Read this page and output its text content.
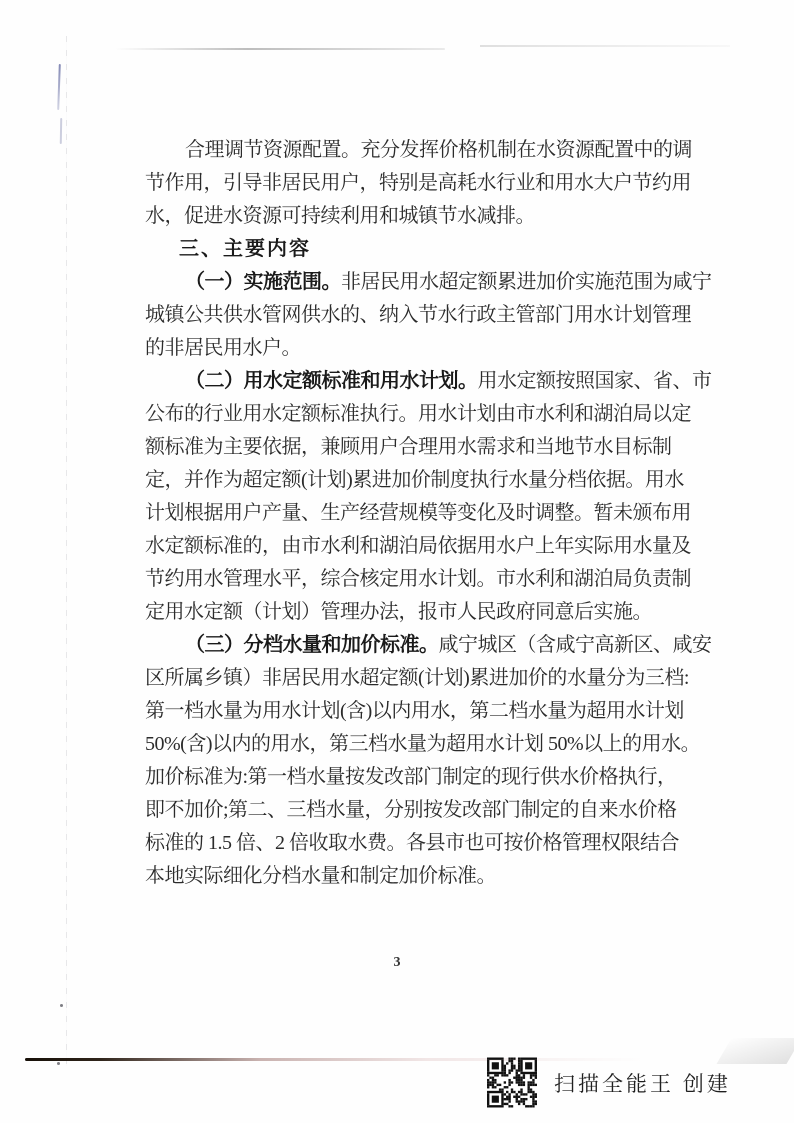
合理调节资源配置。充分发挥价格机制在水资源配置中的调
节作用，引导非居民用户，特别是高耗水行业和用水大户节约用
水，促进水资源可持续利用和城镇节水减排。
三、主要内容
（一）实施范围。非居民用水超定额累进加价实施范围为咸宁
城镇公共供水管网供水的、纳入节水行政主管部门用水计划管理
的非居民用水户。
（二）用水定额标准和用水计划。用水定额按照国家、省、市
公布的行业用水定额标准执行。用水计划由市水利和湖泊局以定
额标准为主要依据，兼顾用户合理用水需求和当地节水目标制
定，并作为超定额(计划)累进加价制度执行水量分档依据。用水
计划根据用户产量、生产经营规模等变化及时调整。暂未颁布用
水定额标准的，由市水利和湖泊局依据用水户上年实际用水量及
节约用水管理水平，综合核定用水计划。市水利和湖泊局负责制
定用水定额（计划）管理办法，报市人民政府同意后实施。
（三）分档水量和加价标准。咸宁城区（含咸宁高新区、咸安
区所属乡镇）非居民用水超定额(计划)累进加价的水量分为三档:
第一档水量为用水计划(含)以内用水，第二档水量为超用水计划
50%(含)以内的用水，第三档水量为超用水计划 50%以上的用水。
加价标准为:第一档水量按发改部门制定的现行供水价格执行，
即不加价;第二、三档水量，分别按发改部门制定的自来水价格
标准的 1.5 倍、2 倍收取水费。各县市也可按价格管理权限结合
本地实际细化分档水量和制定加价标准。
3
扫描全能王 创建
